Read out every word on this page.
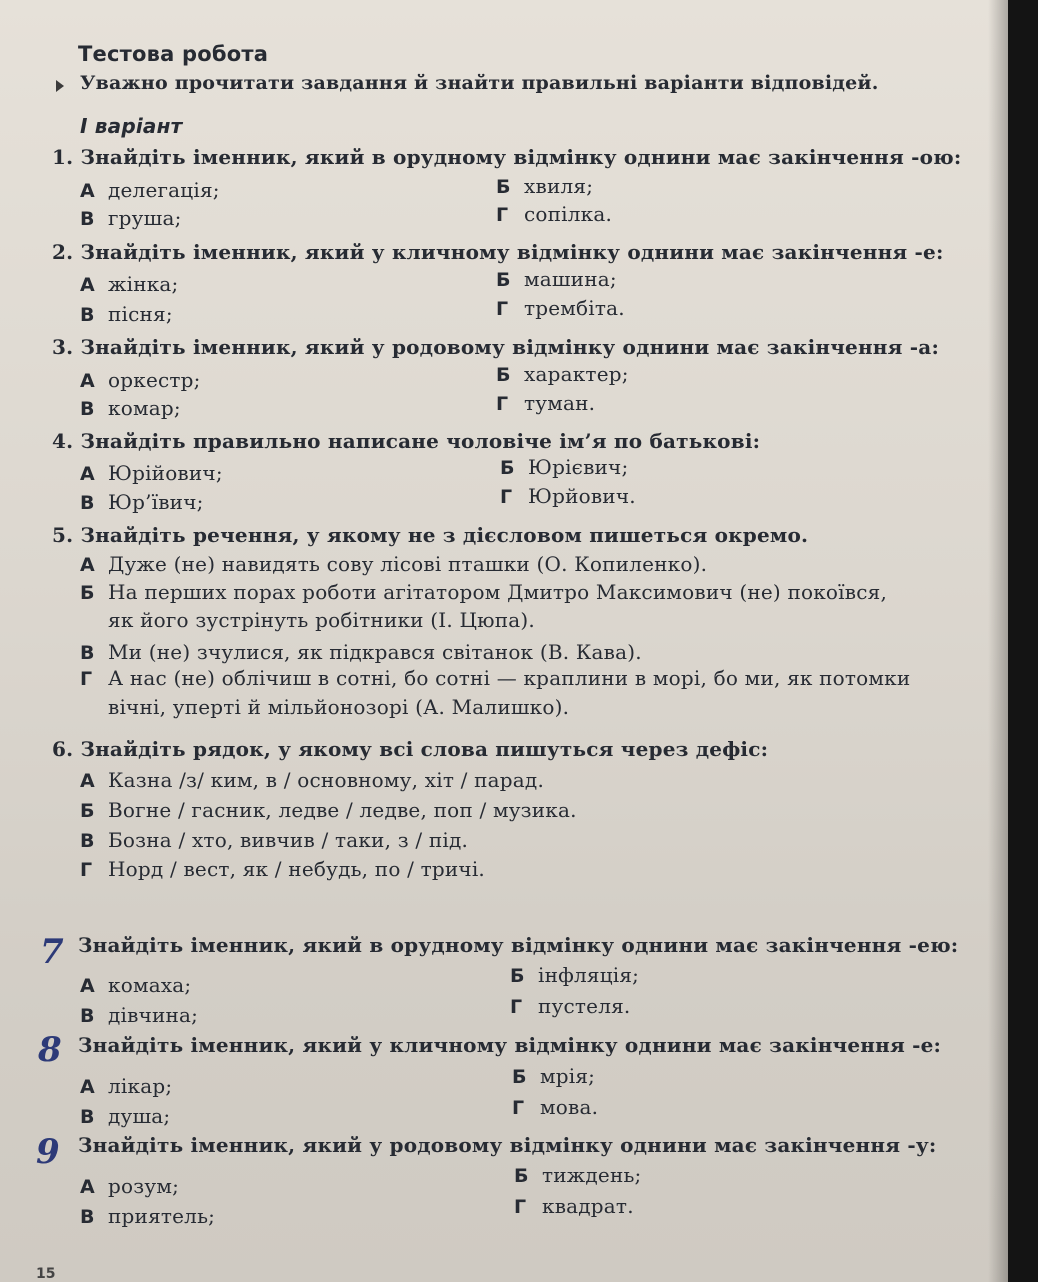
Тестова робота
Уважно прочитати завдання й знайти правильні варіанти відповідей.
I варіант
1. Знайдіть іменник, який в орудному відмінку однини має закінчення -ою:
А делегація;	Б хвиля;
В груша;	Г сопілка.
2. Знайдіть іменник, який у кличному відмінку однини має закінчення -е:
А жінка;	Б машина;
В пісня;	Г трембіта.
3. Знайдіть іменник, який у родовому відмінку однини має закінчення -а:
А оркестр;	Б характер;
В комар;	Г туман.
4. Знайдіть правильно написане чоловіче ім’я по батькові:
А Юрійович;	Б Юрієвич;
В Юр’ївич;	Г Юрйович.
5. Знайдіть речення, у якому не з дієсловом пишеться окремо.
А Дуже (не) навидять сову лісові пташки (О. Копиленко).
Б На перших порах роботи агітатором Дмитро Максимович (не) покоївся,
як його зустрінуть робітники (І. Цюпа).
В Ми (не) зчулися, як підкрався світанок (В. Кава).
Г А нас (не) облічиш в сотні, бо сотні — краплини в морі, бо ми, як потомки
вічні, уперті й мільйонозорі (А. Малишко).
6. Знайдіть рядок, у якому всі слова пишуться через дефіс:
А Казна /з/ ким, в / основному, хіт / парад.
Б Вогне / гасник, ледве / ледве, поп / музика.
В Бозна / хто, вивчив / таки, з / під.
Г Норд / вест, як / небудь, по / тричі.
7 Знайдіть іменник, який в орудному відмінку однини має закінчення -ею:
А комаха;	Б інфляція;
В дівчина;	Г пустеля.
8 Знайдіть іменник, який у кличному відмінку однини має закінчення -е:
А лікар;	Б мрія;
В душа;	Г мова.
9 Знайдіть іменник, який у родовому відмінку однини має закінчення -у:
А розум;	Б тиждень;
В приятель;	Г квадрат.
15
